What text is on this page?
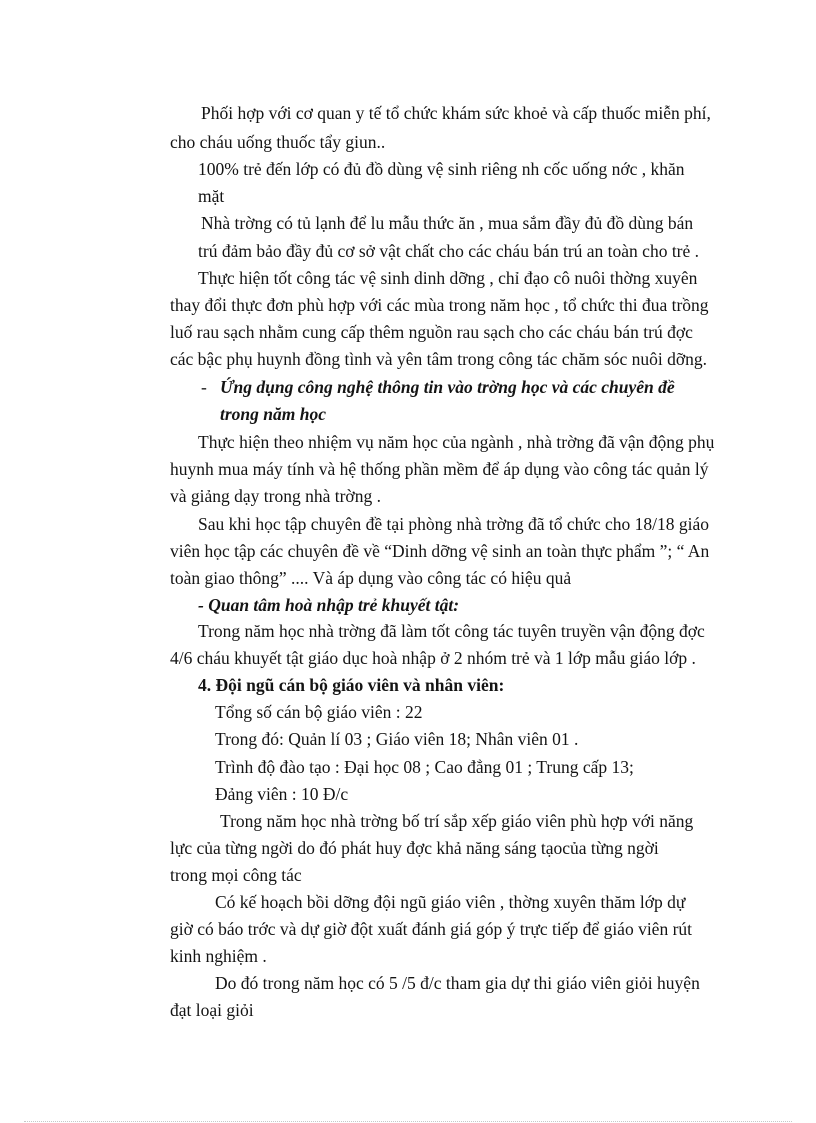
Phối hợp với cơ quan y tế tổ chức khám sức khoẻ và cấp thuốc miễn phí,
cho cháu uống thuốc tẩy giun..
100% trẻ đến lớp có đủ đồ dùng vệ sinh riêng nh cốc uống nớc , khăn
mặt
Nhà trờng có tủ lạnh để lu mẫu thức ăn , mua sắm đầy đủ đồ dùng bán
trú đảm bảo đầy đủ cơ sở vật chất cho các cháu bán trú an toàn cho trẻ .
Thực hiện tốt công tác vệ sinh dinh dỡng , chỉ đạo cô nuôi thờng xuyên
thay đổi thực đơn phù hợp với các mùa trong năm học , tổ chức thi đua trồng
luố rau sạch nhằm cung cấp thêm nguồn rau sạch cho các cháu bán trú đợc
các bậc phụ huynh đồng tình và yên tâm trong công tác chăm sóc nuôi dỡng.
- Ứng dụng công nghệ thông tin vào trờng học và các chuyên đề
trong năm học
Thực hiện theo nhiệm vụ năm học của ngành , nhà trờng đã vận động phụ
huynh mua máy tính và hệ thống phần mềm để áp dụng vào công tác quản lý
và giảng dạy trong nhà trờng .
Sau khi học tập chuyên đề tại phòng nhà trờng đã tổ chức cho 18/18 giáo
viên học tập các chuyên đề về “Dinh dỡng vệ sinh an toàn thực phẩm ”; “ An
toàn giao thông” .... Và áp dụng vào công tác có hiệu quả
- Quan tâm hoà nhập trẻ khuyết tật:
Trong năm học nhà trờng đã làm tốt công tác tuyên truyền vận động đợc
4/6 cháu khuyết tật giáo dục hoà nhập ở 2 nhóm trẻ và 1 lớp mẫu giáo lớp .
4. Đội ngũ cán bộ giáo viên và nhân viên:
Tổng số cán bộ giáo viên : 22
Trong đó: Quản lí 03 ; Giáo viên 18; Nhân viên 01 .
Trình độ đào tạo : Đại học 08 ; Cao đẳng 01 ; Trung cấp 13;
Đảng viên : 10 Đ/c
Trong năm học nhà trờng bố trí sắp xếp giáo viên phù hợp với năng
lực của từng ngời do đó phát huy đợc khả năng sáng tạocủa từng ngời
trong mọi công tác
Có kế hoạch bồi dỡng đội ngũ giáo viên , thờng xuyên thăm lớp dự
giờ có báo trớc và dự giờ đột xuất đánh giá góp ý trực tiếp để giáo viên rút
kinh nghiệm .
Do đó trong năm học có 5 /5 đ/c tham gia dự thi giáo viên giỏi huyện
đạt loại giỏi
